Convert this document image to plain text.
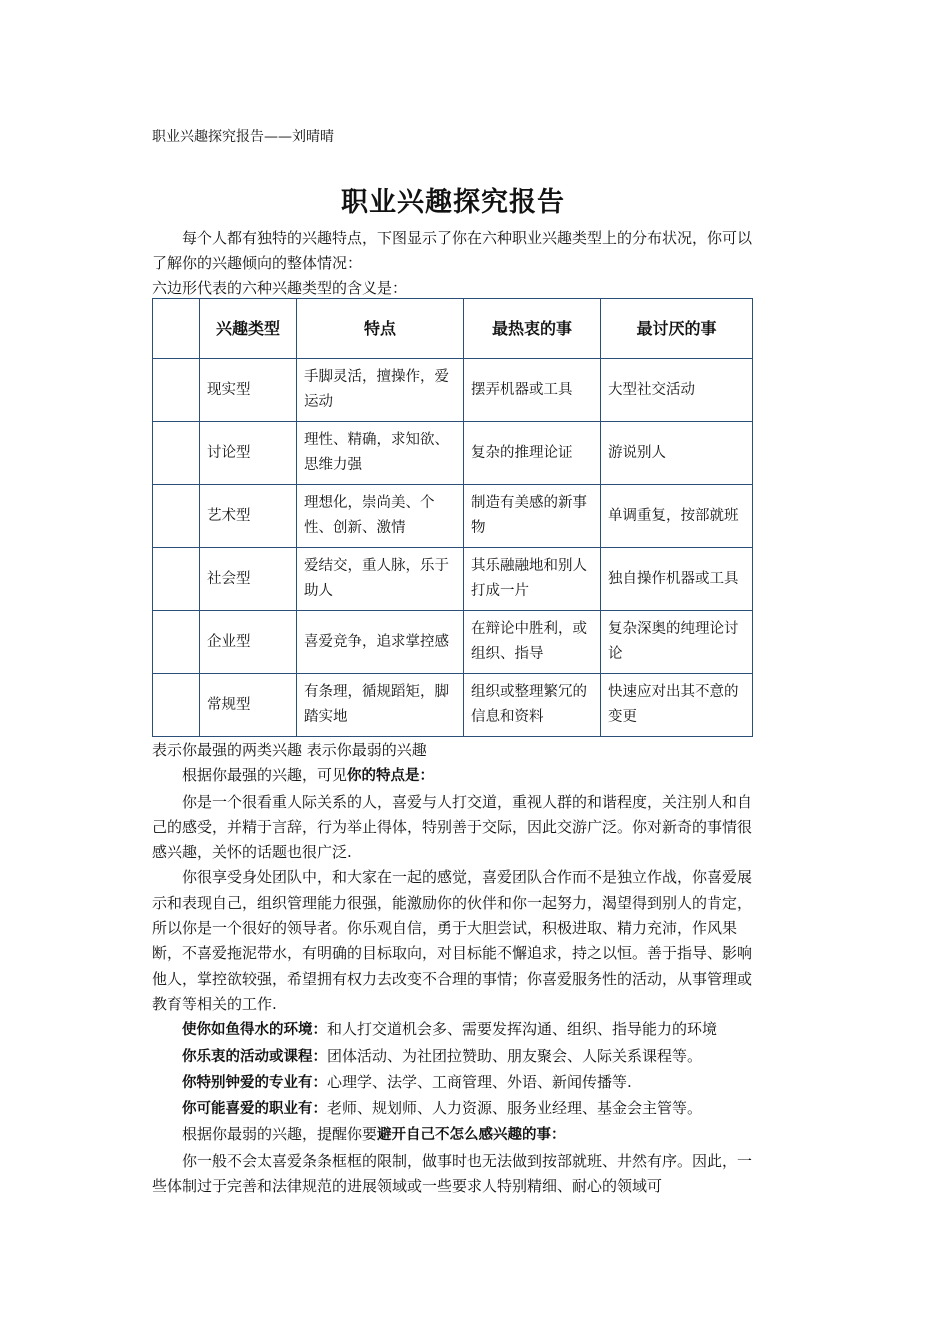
职业兴趣探究报告——刘晴晴
职业兴趣探究报告

每个人都有独特的兴趣特点，下图显示了你在六种职业兴趣类型上的分布状况，你可以了解你的兴趣倾向的整体情况：

六边形代表的六种兴趣类型的含义是：

	兴趣类型	特点	最热衷的事	最讨厌的事
	现实型	手脚灵活，擅操作，爱运动	摆弄机器或工具	大型社交活动
	讨论型	理性、精确，求知欲、思维力强	复杂的推理论证	游说别人
	艺术型	理想化，崇尚美、个性、创新、激情	制造有美感的新事物	单调重复，按部就班
	社会型	爱结交，重人脉，乐于助人	其乐融融地和别人打成一片	独自操作机器或工具
	企业型	喜爱竞争，追求掌控感	在辩论中胜利，或组织、指导	复杂深奥的纯理论讨论
	常规型	有条理，循规蹈矩，脚踏实地	组织或整理繁冗的信息和资料	快速应对出其不意的变更

表示你最强的两类兴趣 表示你最弱的兴趣

根据你最强的兴趣，可见你的特点是：

你是一个很看重人际关系的人，喜爱与人打交道，重视人群的和谐程度，关注别人和自己的感受，并精于言辞，行为举止得体，特别善于交际，因此交游广泛。你对新奇的事情很感兴趣，关怀的话题也很广泛.

你很享受身处团队中，和大家在一起的感觉，喜爱团队合作而不是独立作战，你喜爱展示和表现自己，组织管理能力很强，能激励你的伙伴和你一起努力，渴望得到别人的肯定，所以你是一个很好的领导者。你乐观自信，勇于大胆尝试，积极进取、精力充沛，作风果断，不喜爱拖泥带水，有明确的目标取向，对目标能不懈追求，持之以恒。善于指导、影响他人，掌控欲较强，希望拥有权力去改变不合理的事情；你喜爱服务性的活动，从事管理或教育等相关的工作.

使你如鱼得水的环境：和人打交道机会多、需要发挥沟通、组织、指导能力的环境

你乐衷的活动或课程：团体活动、为社团拉赞助、朋友聚会、人际关系课程等。

你特别钟爱的专业有：心理学、法学、工商管理、外语、新闻传播等.

你可能喜爱的职业有：老师、规划师、人力资源、服务业经理、基金会主管等。

根据你最弱的兴趣，提醒你要避开自己不怎么感兴趣的事：

你一般不会太喜爱条条框框的限制，做事时也无法做到按部就班、井然有序。因此，一些体制过于完善和法律规范的进展领域或一些要求人特别精细、耐心的领域可
